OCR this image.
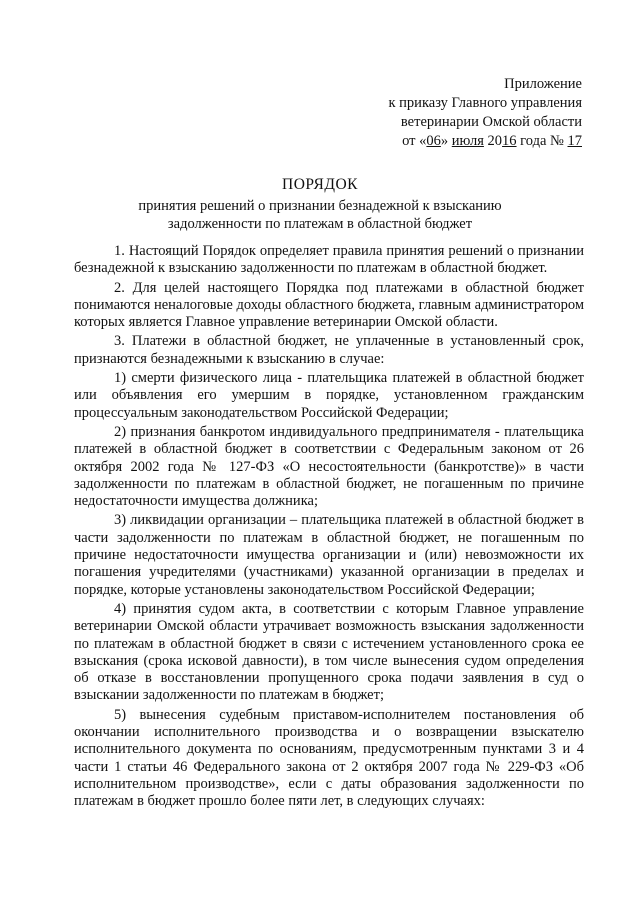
Приложение
к приказу Главного управления
ветеринарии Омской области
от «06» июля 2016 года № 17
ПОРЯДОК
принятия решений о признании безнадежной к взысканию
задолженности по платежам в областной бюджет

1. Настоящий Порядок определяет правила принятия решений о признании безнадежной к взысканию задолженности по платежам в областной бюджет.

2. Для целей настоящего Порядка под платежами в областной бюджет понимаются неналоговые доходы областного бюджета, главным администратором которых является Главное управление ветеринарии Омской области.

3. Платежи в областной бюджет, не уплаченные в установленный срок, признаются безнадежными к взысканию в случае:

1) смерти физического лица - плательщика платежей в областной бюджет или объявления его умершим в порядке, установленном гражданским процессуальным законодательством Российской Федерации;

2) признания банкротом индивидуального предпринимателя - плательщика платежей в областной бюджет в соответствии с Федеральным законом от 26 октября 2002 года № 127-ФЗ «О несостоятельности (банкротстве)» в части задолженности по платежам в областной бюджет, не погашенным по причине недостаточности имущества должника;

3) ликвидации организации – плательщика платежей в областной бюджет в части задолженности по платежам в областной бюджет, не погашенным по причине недостаточности имущества организации и (или) невозможности их погашения учредителями (участниками) указанной организации в пределах и порядке, которые установлены законодательством Российской Федерации;

4) принятия судом акта, в соответствии с которым Главное управление ветеринарии Омской области утрачивает возможность взыскания задолженности по платежам в областной бюджет в связи с истечением установленного срока ее взыскания (срока исковой давности), в том числе вынесения судом определения об отказе в восстановлении пропущенного срока подачи заявления в суд о взыскании задолженности по платежам в бюджет;

5) вынесения судебным приставом-исполнителем постановления об окончании исполнительного производства и о возвращении взыскателю исполнительного документа по основаниям, предусмотренным пунктами 3 и 4 части 1 статьи 46 Федерального закона от 2 октября 2007 года № 229-ФЗ «Об исполнительном производстве», если с даты образования задолженности по платежам в бюджет прошло более пяти лет, в следующих случаях:
